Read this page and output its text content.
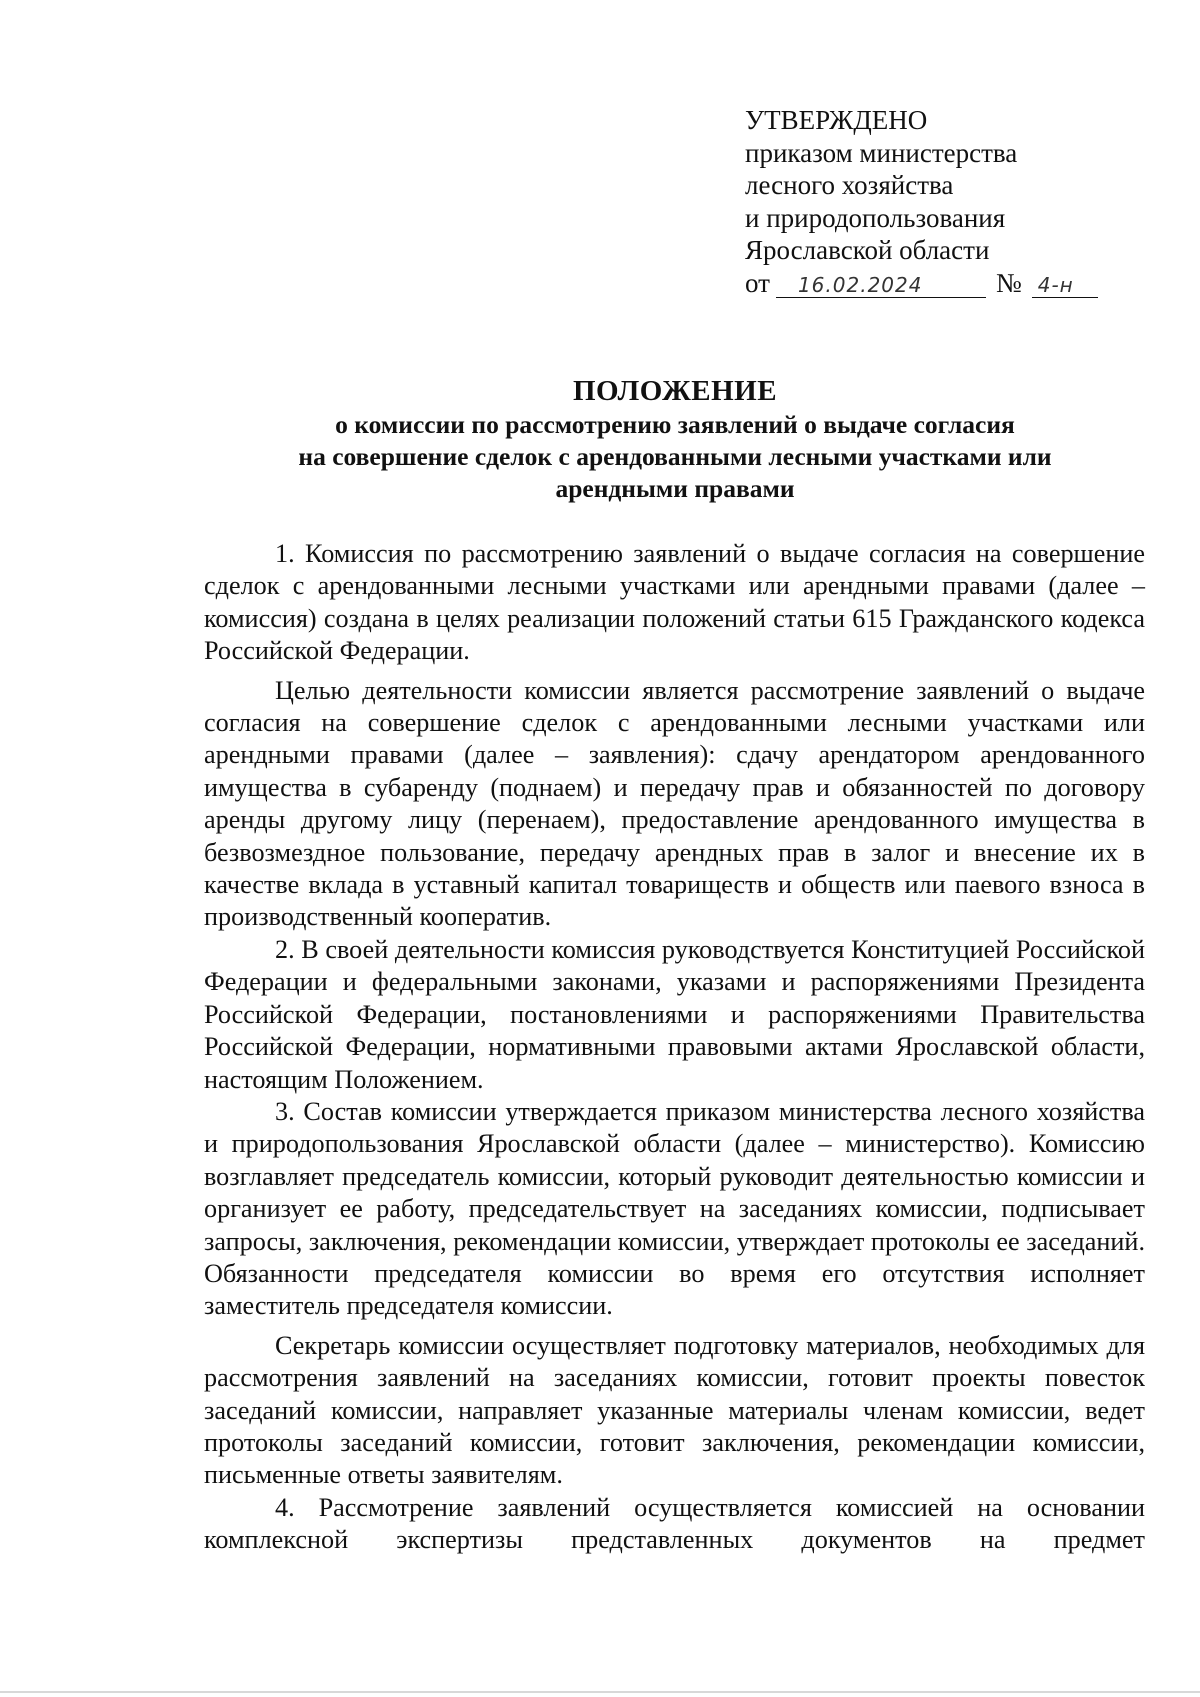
УТВЕРЖДЕНО
приказом министерства
лесного хозяйства
и природопользования
Ярославской области
от	16.02.2024	№ 4-н
ПОЛОЖЕНИЕ
о комиссии по рассмотрению заявлений о выдаче согласия
на совершение сделок с арендованными лесными участками или
арендными правами

1. Комиссия по рассмотрению заявлений о выдаче согласия на совершение сделок с арендованными лесными участками или арендными правами (далее – комиссия) создана в целях реализации положений статьи 615 Гражданского кодекса Российской Федерации.

Целью деятельности комиссии является рассмотрение заявлений о выдаче согласия на совершение сделок с арендованными лесными участками или арендными правами (далее – заявления): сдачу арендатором арендованного имущества в субаренду (поднаем) и передачу прав и обязанностей по договору аренды другому лицу (перенаем), предоставление арендованного имущества в безвозмездное пользование, передачу арендных прав в залог и внесение их в качестве вклада в уставный капитал товариществ и обществ или паевого взноса в производственный кооператив.

2. В своей деятельности комиссия руководствуется Конституцией Российской Федерации и федеральными законами, указами и распоряжениями Президента Российской Федерации, постановлениями и распоряжениями Правительства Российской Федерации, нормативными правовыми актами Ярославской области, настоящим Положением.

3. Состав комиссии утверждается приказом министерства лесного хозяйства и природопользования Ярославской области (далее – министерство). Комиссию возглавляет председатель комиссии, который руководит деятельностью комиссии и организует ее работу, председательствует на заседаниях комиссии, подписывает запросы, заключения, рекомендации комиссии, утверждает протоколы ее заседаний. Обязанности председателя комиссии во время его отсутствия исполняет заместитель председателя комиссии.

Секретарь комиссии осуществляет подготовку материалов, необходимых для рассмотрения заявлений на заседаниях комиссии, готовит проекты повесток заседаний комиссии, направляет указанные материалы членам комиссии, ведет протоколы заседаний комиссии, готовит заключения, рекомендации комиссии, письменные ответы заявителям.

4. Рассмотрение заявлений осуществляется комиссией на основании комплексной экспертизы представленных документов на предмет
